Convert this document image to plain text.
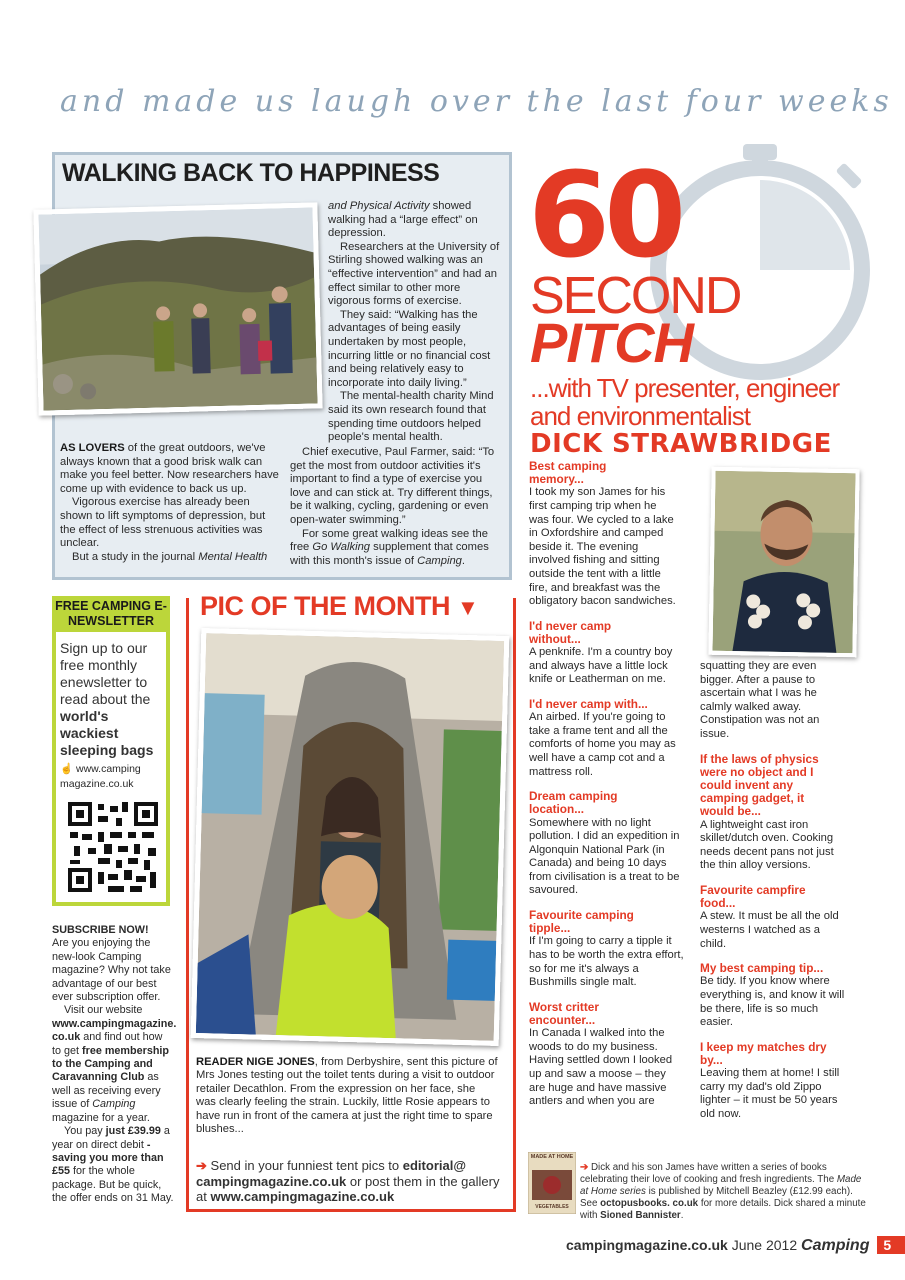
and made us laugh over the last four weeks
WALKING BACK TO HAPPINESS

and Physical Activity showed walking had a “large effect” on depression.

Researchers at the University of Stirling showed walking was an “effective intervention” and had an effect similar to other more vigorous forms of exercise.

They said: “Walking has the advantages of being easily undertaken by most people, incurring little or no financial cost and being relatively easy to incorporate into daily living.”

The mental-health charity Mind said its own research found that spending time outdoors helped people's mental health.

AS LOVERS of the great outdoors, we've always known that a good brisk walk can make you feel better. Now researchers have come up with evidence to back us up.

Vigorous exercise has already been shown to lift symptoms of depression, but the effect of less strenuous activities was unclear.

But a study in the journal Mental Health

Chief executive, Paul Farmer, said: “To get the most from outdoor activities it's important to find a type of exercise you love and can stick at. Try different things, be it walking, cycling, gardening or even open-water swimming.”

For some great walking ideas see the free Go Walking supplement that comes with this month's issue of Camping.

60
SECOND
PITCH
...with TV presenter, engineer and environmentalist
DICK STRAWBRIDGE
Best camping memory...
I took my son James for his first camping trip when he was four. We cycled to a lake in Oxfordshire and camped beside it. The evening involved fishing and sitting outside the tent with a little fire, and breakfast was the obligatory bacon sandwiches.
I'd never camp without...
A penknife. I'm a country boy and always have a little lock knife or Leatherman on me.
I'd never camp with...
An airbed. If you're going to take a frame tent and all the comforts of home you may as well have a camp cot and a mattress roll.
Dream camping location...
Somewhere with no light pollution. I did an expedition in Algonquin National Park (in Canada) and being 10 days from civilisation is a treat to be savoured.
Favourite camping tipple...
If I'm going to carry a tipple it has to be worth the extra effort, so for me it's always a Bushmills single malt.
Worst critter encounter...
In Canada I walked into the woods to do my business. Having settled down I looked up and saw a moose – they are huge and have massive antlers and when you are
squatting they are even bigger. After a pause to ascertain what I was he calmly walked away. Constipation was not an issue.
If the laws of physics were no object and I could invent any camping gadget, it would be...
A lightweight cast iron skillet/dutch oven. Cooking needs decent pans not just the thin alloy versions.
Favourite campfire food...
A stew. It must be all the old westerns I watched as a child.
My best camping tip...
Be tidy. If you know where everything is, and know it will be there, life is so much easier.
I keep my matches dry by...
Leaving them at home! I still carry my dad's old Zippo lighter – it must be 50 years old now.
FREE CAMPING E-NEWSLETTER
Sign up to our free monthly enewsletter to read about the world's wackiest sleeping bags
☝ www.camping magazine.co.uk
SUBSCRIBE NOW!

Are you enjoying the new-look Camping magazine? Why not take advantage of our best ever subscription offer.

Visit our website www.campingmagazine. co.uk and find out how to get free membership to the Camping and Caravanning Club as well as receiving every issue of Camping magazine for a year.

You pay just £39.99 a year on direct debit - saving you more than £55 for the whole package. But be quick, the offer ends on 31 May.

PIC OF THE MONTH ▼
READER NIGE JONES, from Derbyshire, sent this picture of Mrs Jones testing out the toilet tents during a visit to outdoor retailer Decathlon. From the expression on her face, she was clearly feeling the strain. Luckily, little Rosie appears to have run in front of the camera at just the right time to spare blushes...
➔ Send in your funniest tent pics to editorial@ campingmagazine.co.uk or post them in the gallery at www.campingmagazine.co.uk
MADE AT HOME
VEGETABLES
➔ Dick and his son James have written a series of books celebrating their love of cooking and fresh ingredients. The Made at Home series is published by Mitchell Beazley (£12.99 each). See octopusbooks. co.uk for more details. Dick shared a minute with Sioned Bannister.
campingmagazine.co.uk June 2012 Camping 5
